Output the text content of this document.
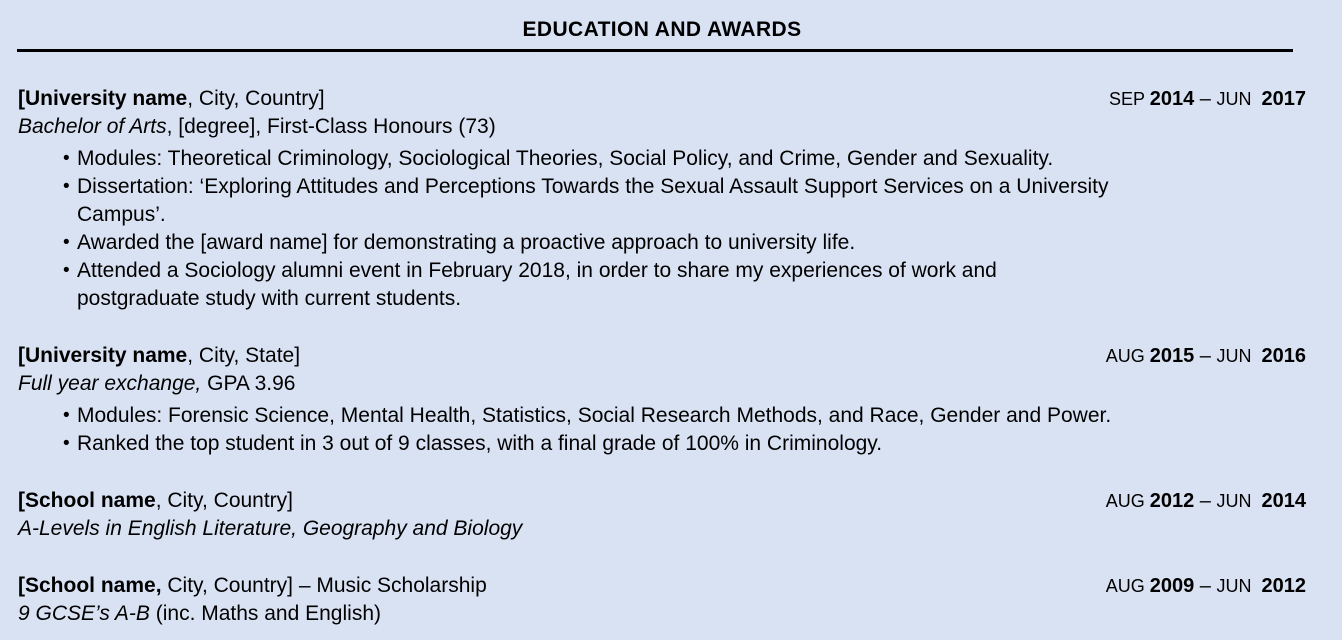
EDUCATION AND AWARDS
[University name, City, Country]	SEP 2014 – JUN  2017
Bachelor of Arts, [degree], First-Class Honours (73)
• Modules: Theoretical Criminology, Sociological Theories, Social Policy, and Crime, Gender and Sexuality.
• Dissertation: ‘Exploring Attitudes and Perceptions Towards the Sexual Assault Support Services on a University
Campus’.
• Awarded the [award name] for demonstrating a proactive approach to university life.
• Attended a Sociology alumni event in February 2018, in order to share my experiences of work and
postgraduate study with current students.
[University name, City, State]	AUG 2015 – JUN  2016
Full year exchange, GPA 3.96
• Modules: Forensic Science, Mental Health, Statistics, Social Research Methods, and Race, Gender and Power.
• Ranked the top student in 3 out of 9 classes, with a final grade of 100% in Criminology.
[School name, City, Country]	AUG 2012 – JUN  2014
A-Levels in English Literature, Geography and Biology
[School name, City, Country] – Music Scholarship	AUG 2009 – JUN  2012
9 GCSE’s A-B (inc. Maths and English)
